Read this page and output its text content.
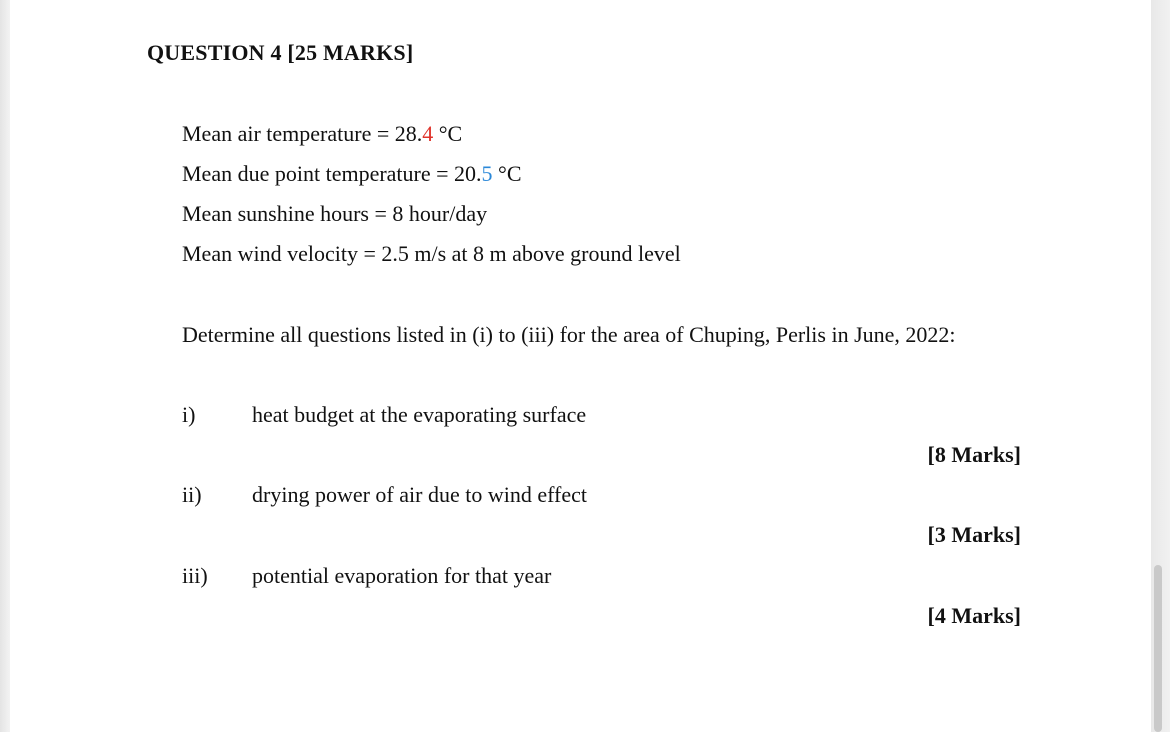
QUESTION 4 [25 MARKS]
Mean air temperature = 28.4 °C
Mean due point temperature = 20.5 °C
Mean sunshine hours = 8 hour/day
Mean wind velocity = 2.5 m/s at 8 m above ground level
Determine all questions listed in (i) to (iii) for the area of Chuping, Perlis in June, 2022:
i)	heat budget at the evaporating surface
[8 Marks]
ii) drying power of air due to wind effect
[3 Marks]
iii) potential evaporation for that year
[4 Marks]
